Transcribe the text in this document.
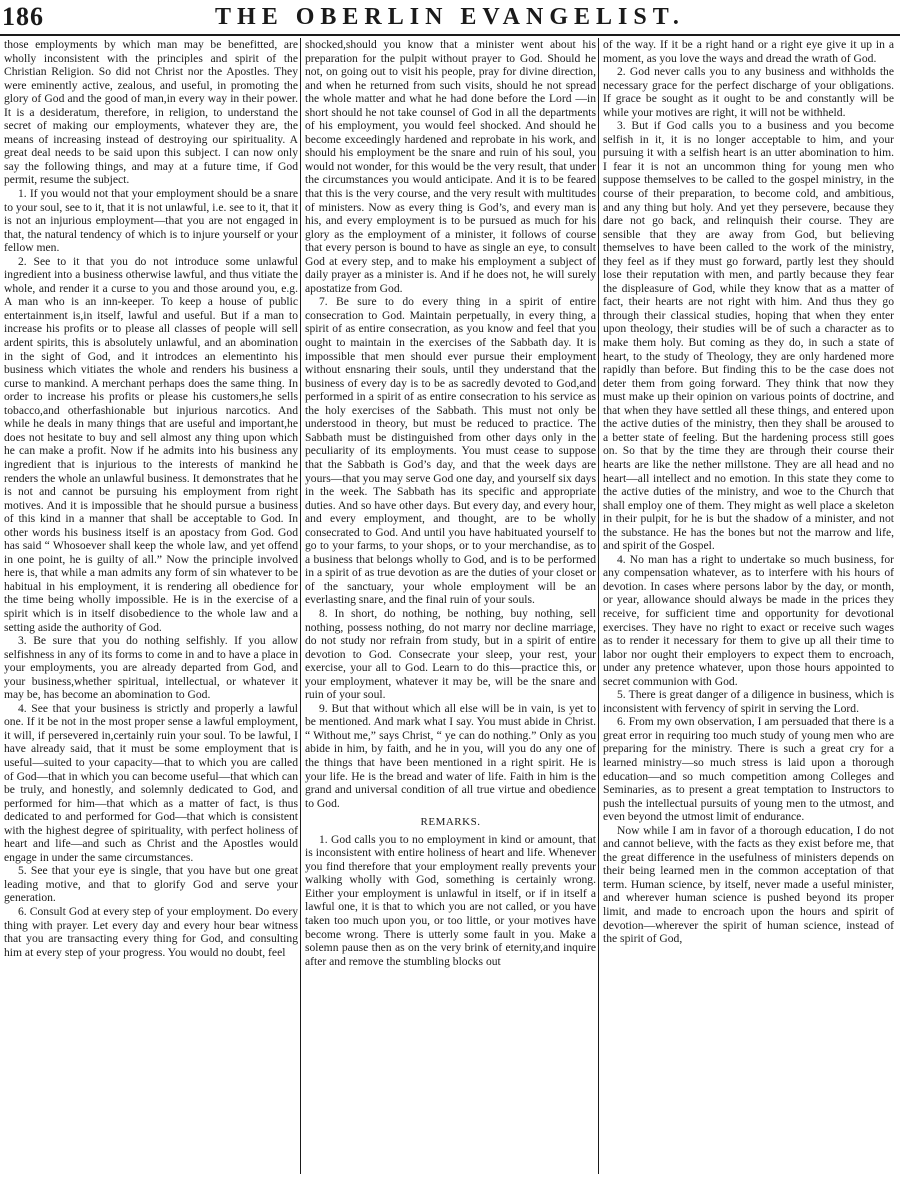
186	THE OBERLIN EVANGELIST.

those employments by which man may be benefitted, are wholly inconsistent with the principles and spirit of the Christian Religion. So did not Christ nor the Apostles. They were eminently active, zealous, and useful, in promoting the glory of God and the good of man,in every way in their power. It is a desideratum, therefore, in religion, to understand the secret of making our employments, whatever they are, the means of increasing instead of destroying our spirituality. A great deal needs to be said upon this subject. I can now only say the following things, and may at a future time, if God permit, resume the subject.

1. If you would not that your employment should be a snare to your soul, see to it, that it is not unlawful, i.e. see to it, that it is not an injurious employment—that you are not engaged in that, the natural tendency of which is to injure yourself or your fellow men.

2. See to it that you do not introduce some unlawful ingredient into a business otherwise lawful, and thus vitiate the whole, and render it a curse to you and those around you, e.g. A man who is an inn-keeper. To keep a house of public entertainment is,in itself, lawful and useful. But if a man to increase his profits or to please all classes of people will sell ardent spirits, this is absolutely unlawful, and an abomination in the sight of God, and it introdces an elementinto his business which vitiates the whole and renders his business a curse to mankind. A merchant perhaps does the same thing. In order to increase his profits or please his customers,he sells tobacco,and otherfashionable but injurious narcotics. And while he deals in many things that are useful and important,he does not hesitate to buy and sell almost any thing upon which he can make a profit. Now if he admits into his business any ingredient that is injurious to the interests of mankind he renders the whole an unlawful business. It demonstrates that he is not and cannot be pursuing his employment from right motives. And it is impossible that he should pursue a business of this kind in a manner that shall be acceptable to God. In other words his business itself is an apostacy from God. God has said “ Whosoever shall keep the whole law, and yet offend in one point, he is guilty of all.” Now the principle involved here is, that while a man admits any form of sin whatever to be habitual in his employment, it is rendering all obedience for the time being wholly impossible. He is in the exercise of a spirit which is in itself disobedience to the whole law and a setting aside the authority of God.

3. Be sure that you do nothing selfishly. If you allow selfishness in any of its forms to come in and to have a place in your employments, you are already departed from God, and your business,whether spiritual, intellectual, or whatever it may be, has become an abomination to God.

4. See that your business is strictly and properly a lawful one. If it be not in the most proper sense a lawful employment, it will, if persevered in,certainly ruin your soul. To be lawful, I have already said, that it must be some employment that is useful—suited to your capacity—that to which you are called of God—that in which you can become useful—that which can be truly, and honestly, and solemnly dedicated to God, and performed for him—that which as a matter of fact, is thus dedicated to and performed for God—that which is consistent with the highest degree of spirituality, with perfect holiness of heart and life—and such as Christ and the Apostles would engage in under the same circumstances.

5. See that your eye is single, that you have but one great leading motive, and that to glorify God and serve your generation.

6. Consult God at every step of your employment. Do every thing with prayer. Let every day and every hour bear witness that you are transacting every thing for God, and consulting him at every step of your progress. You would no doubt, feel

shocked,should you know that a minister went about his preparation for the pulpit without prayer to God. Should he not, on going out to visit his people, pray for divine direction, and when he returned from such visits, should he not spread the whole matter and what he had done before the Lord —in short should he not take counsel of God in all the departments of his employment, you would feel shocked. And should he become exceedingly hardened and reprobate in his work, and should his employment be the snare and ruin of his soul, you would not wonder, for this would be the very result, that under the circumstances you would anticipate. And it is to be feared that this is the very course, and the very result with multitudes of ministers. Now as every thing is God’s, and every man is his, and every employment is to be pursued as much for his glory as the employment of a minister, it follows of course that every person is bound to have as single an eye, to consult God at every step, and to make his employment a subject of daily prayer as a minister is. And if he does not, he will surely apostatize from God.

7. Be sure to do every thing in a spirit of entire consecration to God. Maintain perpetually, in every thing, a spirit of as entire consecration, as you know and feel that you ought to maintain in the exercises of the Sabbath day. It is impossible that men should ever pursue their employment without ensnaring their souls, until they understand that the business of every day is to be as sacredly devoted to God,and performed in a spirit of as entire consecration to his service as the holy exercises of the Sabbath. This must not only be understood in theory, but must be reduced to practice. The Sabbath must be distinguished from other days only in the peculiarity of its employments. You must cease to suppose that the Sabbath is God’s day, and that the week days are yours—that you may serve God one day, and yourself six days in the week. The Sabbath has its specific and appropriate duties. And so have other days. But every day, and every hour, and every employment, and thought, are to be wholly consecrated to God. And until you have habituated yourself to go to your farms, to your shops, or to your merchandise, as to a business that belongs wholly to God, and is to be performed in a spirit of as true devotion as are the duties of your closet or of the sanctuary, your whole employment will be an everlasting snare, and the final ruin of your souls.

8. In short, do nothing, be nothing, buy nothing, sell nothing, possess nothing, do not marry nor decline marriage, do not study nor refrain from study, but in a spirit of entire devotion to God. Consecrate your sleep, your rest, your exercise, your all to God. Learn to do this—practice this, or your employment, whatever it may be, will be the snare and ruin of your soul.

9. But that without which all else will be in vain, is yet to be mentioned. And mark what I say. You must abide in Christ. “ Without me,” says Christ, “ ye can do nothing.” Only as you abide in him, by faith, and he in you, will you do any one of the things that have been mentioned in a right spirit. He is your life. He is the bread and water of life. Faith in him is the grand and universal condition of all true virtue and obedience to God.

REMARKS.

1. God calls you to no employment in kind or amount, that is inconsistent with entire holiness of heart and life. Whenever you find therefore that your employment really prevents your walking wholly with God, something is certainly wrong. Either your employment is unlawful in itself, or if in itself a lawful one, it is that to which you are not called, or you have taken too much upon you, or too little, or your motives have become wrong. There is utterly some fault in you. Make a solemn pause then as on the very brink of eternity,and inquire after and remove the stumbling blocks out

of the way. If it be a right hand or a right eye give it up in a moment, as you love the ways and dread the wrath of God.

2. God never calls you to any business and withholds the necessary grace for the perfect discharge of your obligations. If grace be sought as it ought to be and constantly will be while your motives are right, it will not be withheld.

3. But if God calls you to a business and you become selfish in it, it is no longer acceptable to him, and your pursuing it with a selfish heart is an utter abomination to him. I fear it is not an uncommon thing for young men who suppose themselves to be called to the gospel ministry, in the course of their preparation, to become cold, and ambitious, and any thing but holy. And yet they persevere, because they dare not go back, and relinquish their course. They are sensible that they are away from God, but believing themselves to have been called to the work of the ministry, they feel as if they must go forward, partly lest they should lose their reputation with men, and partly because they fear the displeasure of God, while they know that as a matter of fact, their hearts are not right with him. And thus they go through their classical studies, hoping that when they enter upon theology, their studies will be of such a character as to make them holy. But coming as they do, in such a state of heart, to the study of Theology, they are only hardened more rapidly than before. But finding this to be the case does not deter them from going forward. They think that now they must make up their opinion on various points of doctrine, and that when they have settled all these things, and entered upon the active duties of the ministry, then they shall be aroused to a better state of feeling. But the hardening process still goes on. So that by the time they are through their course their hearts are like the nether millstone. They are all head and no heart—all intellect and no emotion. In this state they come to the active duties of the ministry, and woe to the Church that shall employ one of them. They might as well place a skeleton in their pulpit, for he is but the shadow of a minister, and not the substance. He has the bones but not the marrow and life, and spirit of the Gospel.

4. No man has a right to undertake so much business, for any compensation whatever, as to interfere with his hours of devotion. In cases where persons labor by the day, or month, or year, allowance should always be made in the prices they receive, for sufficient time and opportunity for devotional exercises. They have no right to exact or receive such wages as to render it necessary for them to give up all their time to labor nor ought their employers to expect them to encroach, under any pretence whatever, upon those hours appointed to secret communion with God.

5. There is great danger of a diligence in business, which is inconsistent with fervency of spirit in serving the Lord.

6. From my own observation, I am persuaded that there is a great error in requiring too much study of young men who are preparing for the ministry. There is such a great cry for a learned ministry—so much stress is laid upon a thorough education—and so much competition among Colleges and Seminaries, as to present a great temptation to Instructors to push the intellectual pursuits of young men to the utmost, and even beyond the utmost limit of endurance.

Now while I am in favor of a thorough education, I do not and cannot believe, with the facts as they exist before me, that the great difference in the usefulness of ministers depends on their being learned men in the common acceptation of that term. Human science, by itself, never made a useful minister, and wherever human science is pushed beyond its proper limit, and made to encroach upon the hours and spirit of devotion—wherever the spirit of human science, instead of the spirit of God,
